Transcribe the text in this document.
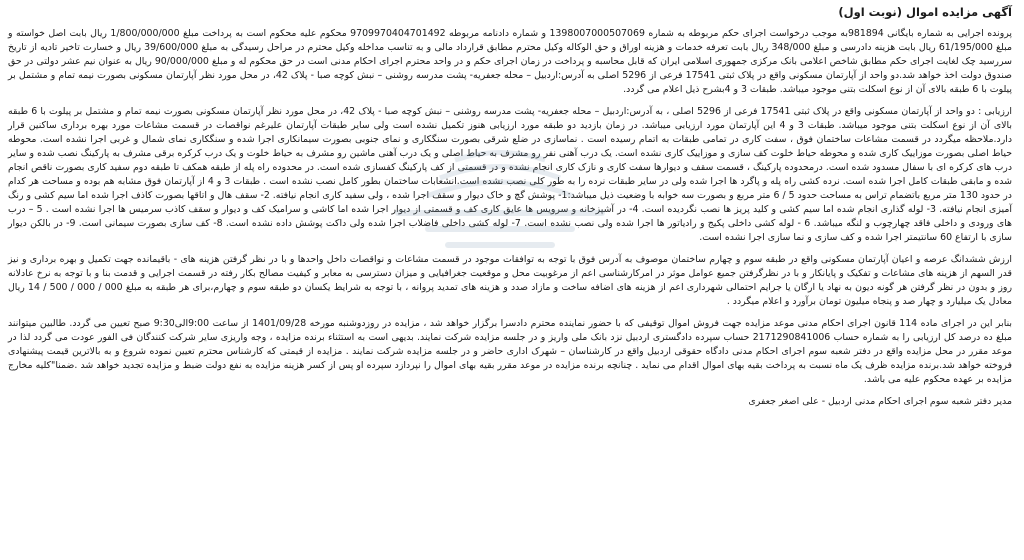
آگهی مزایده اموال (نوبت اول)

پرونده اجرایی به شماره بایگانی 981894به موجب درخواست اجرای حکم مربوطه به شماره 1398007000507069 و شماره دادنامه مربوطه 9709970404701492 محکوم علیه محکوم است به پرداخت مبلغ 1/800/000/000 ریال بابت اصل خواسته و مبلغ 61/195/000 ریال بابت هزینه دادرسی و مبلغ 348/000 ریال بابت تعرفه خدمات و هزینه اوراق و حق الوکاله وکیل محترم مطابق قرارداد مالی و به تناسب مداخله وکیل محترم در مراحل رسیدگی به مبلغ 39/600/000 ریال و خسارت تاخیر تادیه از تاریخ سررسید چک لغایت اجرای حکم مطابق شاخص اعلامی بانک مرکزی جمهوری اسلامی ایران که قابل محاسبه و پرداخت در زمان اجرای حکم و در واحد محترم اجرای احکام مدنی است در حق محکوم له و مبلغ 90/000/000 ریال به عنوان نیم عشر دولتی در حق صندوق دولت اخذ خواهد شد.دو واحد از آپارتمان مسکونی واقع در پلاک ثبتی 17541 فرعی از 5296 اصلی به آدرس:اردبیل – محله جعفریه- پشت مدرسه روشنی – نبش کوچه صبا - پلاک 42، در محل مورد نظر آپارتمان مسکونی بصورت نیمه تمام و مشتمل بر پیلوت با 6 طبقه بالای آن از نوع اسکلت بتنی موجود میباشد. طبقات 3 و 4بشرح ذیل اعلام می گردد.

ارزیابی : دو واحد از آپارتمان مسکونی واقع در پلاک ثبتی 17541 فرعی از 5296 اصلی ، به آدرس:اردبیل – محله جعفریه- پشت مدرسه روشنی – نبش کوچه صبا - پلاک 42، در محل مورد نظر آپارتمان مسکونی بصورت نیمه تمام و مشتمل بر پیلوت با 6 طبقه بالای آن از نوع اسکلت بتنی موجود میباشد. طبقات 3 و 4 این آپارتمان مورد ارزیابی میباشد. در زمان بازدید دو طبقه مورد ارزیابی هنوز تکمیل نشده است ولی سایر طبقات آپارتمان علیرغم نواقصات در قسمت مشاعات مورد بهره برداری ساکنین قرار دارد.ملاحظه میگردد در قسمت مشاعات ساختمان فوق ، سفت کاری در تمامی طبقات به اتمام رسیده است . نماسازی در ضلع شرقی بصورت سنگکاری و نمای جنوبی بصورت سیمانکاری اجرا شده و سنگکاری نمای شمال و غربی اجرا نشده است. محوطه حیاط اصلی بصورت موزاییک کاری شده و محوطه حیاط خلوت کف سازی و موزاییک کاری نشده است. یک درب آهنی نفر رو مشرف به حیاط اصلی و یک درب آهنی ماشین رو مشرف به حیاط خلوت و یک درب کرکره برقی مشرف به پارکینگ نصب شده و سایر درب های کرکره ای با سفال مسدود شده است. درمحدوده پارکینگ ، قسمت سقف و دیوارها سفت کاری و نازک کاری انجام نشده و در قسمتی از کف پارکینگ کفسازی شده است. در محدوده راه پله از طبقه همکف تا طبقه دوم سفید کاری بصورت ناقص انجام شده و مابقی طبقات کامل اجرا شده است. نرده کشی راه پله و پاگرد ها اجرا شده ولی در سایر طبقات نرده را به طور کلی نصب نشده است.انشعابات ساختمان بطور کامل نصب نشده است . طبقات 3 و 4 از آپارتمان فوق مشابه هم بوده و مساحت هر کدام در حدود 130 متر مربع باتضمام تراس به مساحت حدود 5 / 6 متر مربع و بصورت سه خوابه با وضعیت ذیل میباشد:1- پوشش گچ و خاک دیوار و سقف اجرا شده ، ولی سفید کاری انجام نیافته. 2- سقف هال و اتاقها بصورت کاذف اجرا شده اما سیم کشی و رنگ آمیزی انجام نیافته. 3- لوله گذاری انجام شده اما سیم کشی و کلید پریز ها نصب نگردیده است. 4- در آشپزخانه و سرویس ها عایق کاری کف و قسمتی از دیوار اجرا شده اما کاشی و سرامیک کف و دیوار و سقف کاذب سرمیس ها اجرا نشده است . 5 – درب های ورودی و داخلی فاقد چهارچوب و لنگه میباشد. 6 - لوله کشی داخلی پکیج و رادیاتور ها اجرا شده ولی نصب نشده است. 7- لوله کشی داخلی فاضلاب اجرا شده ولی داکت پوشش داده نشده است. 8- کف سازی بصورت سیمانی است. 9- در بالکن دیوار سازی با ارتفاع 60 سانتیمتر اجرا شده و کف سازی و نما سازی اجرا نشده است.

ارزش ششدانگ عرصه و اعیان آپارتمان مسکونی واقع در طبقه سوم و چهارم ساختمان موصوف به آدرس فوق با توجه به توافقات موجود در قسمت مشاعات و نواقصات داخل واحدها و با در نظر گرفتن هزینه های - باقیمانده جهت تکمیل و بهره برداری و نیز قدر السهم از هزینه های مشاعات و تفکیک و پایانکار و با در نظرگرفتن جمیع عوامل موثر در امرکارشناسی اعم از مرغوبیت محل و موقعیت جغرافیایی و میزان دسترسی به معابر و کیفیت مصالح بکار رفته در قسمت اجرایی و قدمت بنا و با توجه به نرخ عادلانه روز و بدون در نظر گرفتن هر گونه دیون به نهاد یا ارگان یا جرایم احتمالی شهرداری اعم از هزینه های اضافه ساخت و مازاد صدد و هزینه های تمدید پروانه ، با توجه به شرایط یکسان دو طبقه سوم و چهارم،برای هر طبقه به مبلغ 000 / 000 / 500 / 14 ریال معادل یک میلیارد و چهار صد و پنجاه میلیون تومان برآورد و اعلام میگردد .

بنابر این در اجرای ماده 114 قانون اجرای احکام مدنی موعد مزایده جهت فروش اموال توقیفی که با حضور نماینده محترم دادسرا برگزار خواهد شد ، مزایده در روزدوشنبه مورخه 1401/09/28 از ساعت 9:00الی9:30 صبح تعیین می گردد. طالبین میتوانند مبلغ ده درصد کل ارزیابی را به شماره حساب 2171290841006 حساب سپرده دادگستری اردبیل نزد بانک ملی واریز و در جلسه مزایده شرکت نمایند. بدیهی است به استثناء برنده مزایده ، وجه واریزی سایر شرکت کنندگان فی الفور عودت می گردد لذا در موعد مقرر در محل مزایده واقع در دفتر شعبه سوم اجرای احکام مدنی دادگاه حقوقی اردبیل واقع در کارشناسان – شهرک اداری حاضر و در جلسه مزایده شرکت نمایند . مزایده از قیمتی که کارشناس محترم تعیین نموده شروع و به بالاترین قیمت پیشنهادی فروخته خواهد شد.برنده مزایده ظرف یک ماه نسبت به پرداخت بقیه بهای اموال اقدام می نماید . چنانچه برنده مزایده در موعد مقرر بقیه بهای اموال را نپردازد سپرده او پس از کسر هزینه مزایده به نفع دولت ضبط و مزایده تجدید خواهد شد .ضمنا"کلیه مخارج مزایده بر عهده محکوم علیه می باشد.

مدیر دفتر شعبه سوم اجرای احکام مدنی اردبیل - علی اصغر جعفری
